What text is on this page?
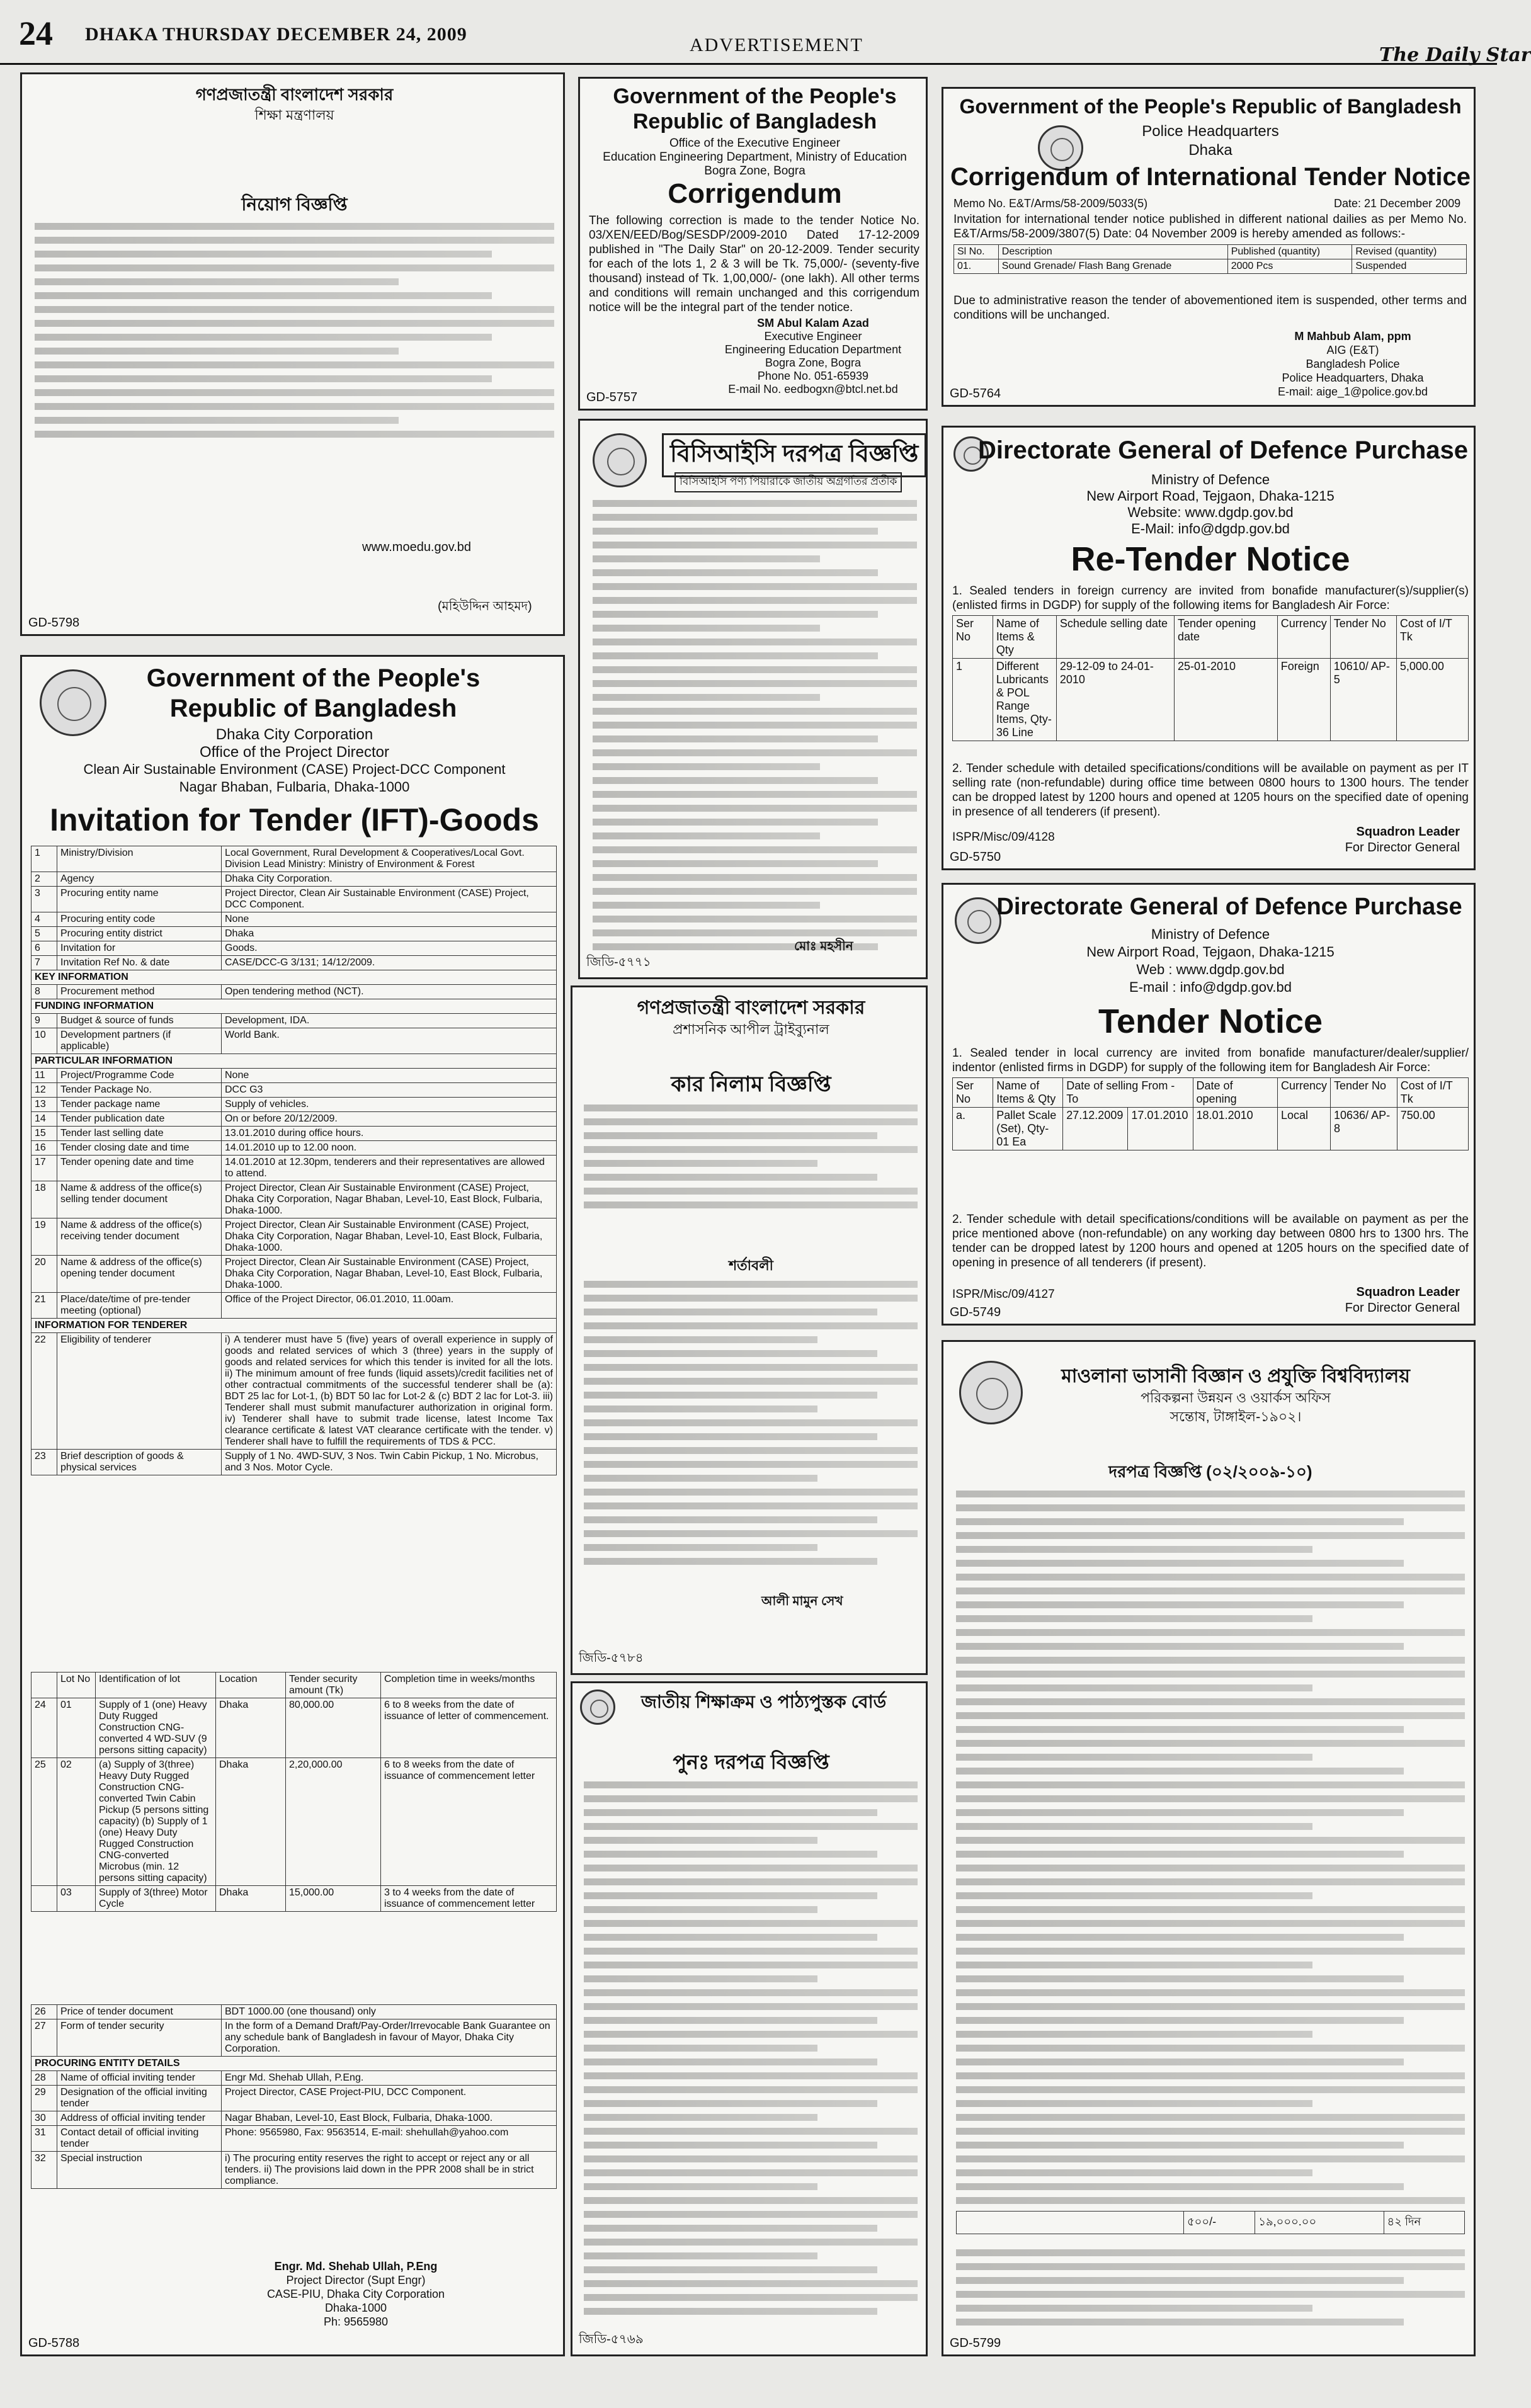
24 DHAKA THURSDAY DECEMBER 24, 2009
ADVERTISEMENT	The Daily Star
গণপ্রজাতন্ত্রী বাংলাদেশ সরকার
শিক্ষা মন্ত্রণালয়
নিয়োগ বিজ্ঞপ্তি
www.moedu.gov.bd
(মহিউদ্দিন আহমদ)
GD-5798
Government of the People's Republic of Bangladesh
Office of the Executive Engineer
Education Engineering Department, Ministry of Education
Bogra Zone, Bogra
Corrigendum
The following correction is made to the tender Notice No. 03/XEN/EED/Bog/SESDP/2009-2010 Dated 17-12-2009 published in "The Daily Star" on 20-12-2009. Tender security for each of the lots 1, 2 & 3 will be Tk. 75,000/- (seventy-five thousand) instead of Tk. 1,00,000/- (one lakh). All other terms and conditions will remain unchanged and this corrigendum notice will be the integral part of the tender notice.
SM Abul Kalam Azad
Executive Engineer
Engineering Education Department
Bogra Zone, Bogra
Phone No. 051-65939
E-mail No. eedbogxn@btcl.net.bd
GD-5757
Government of the People's Republic of Bangladesh
Police Headquarters
Dhaka
Corrigendum of International Tender Notice
Memo No. E&T/Arms/58-2009/5033(5)	Date: 21 December 2009
Invitation for international tender notice published in different national dailies as per Memo No. E&T/Arms/58-2009/3807(5) Date: 04 November 2009 is hereby amended as follows:-
Sl No.	Description	Published (quantity)	Revised (quantity)
01.	Sound Grenade/ Flash Bang Grenade	2000 Pcs	Suspended
Due to administrative reason the tender of abovementioned item is suspended, other terms and conditions will be unchanged.
M Mahbub Alam, ppm
AIG (E&T)
Bangladesh Police
Police Headquarters, Dhaka
E-mail: aige_1@police.gov.bd
GD-5764
বিসিআইসি দরপত্র বিজ্ঞপ্তি
বিসিআইসি পণ্য পিয়ারাকে জাতীয় অগ্রগতির প্রতীক
মোঃ মহসীন
জিডি-৫৭৭১
Directorate General of Defence Purchase
Ministry of Defence
New Airport Road, Tejgaon, Dhaka-1215
Website: www.dgdp.gov.bd
E-Mail: info@dgdp.gov.bd
Re-Tender Notice
1. Sealed tenders in foreign currency are invited from bonafide manufacturer(s)/supplier(s) (enlisted firms in DGDP) for supply of the following items for Bangladesh Air Force:
Ser No	Name of Items & Qty	Schedule selling date	Tender opening date	Currency	Tender No	Cost of I/T Tk
1	Different Lubricants & POL Range Items, Qty-36 Line	29-12-09 to 24-01-2010	25-01-2010	Foreign	10610/ AP-5	5,000.00
2. Tender schedule with detailed specifications/conditions will be available on payment as per IT selling rate (non-refundable) during office time between 0800 hours to 1300 hours. The tender can be dropped latest by 1200 hours and opened at 1205 hours on the specified date of opening in presence of all tenderers (if present).
ISPR/Misc/09/4128	Squadron Leader
For Director General
GD-5750
Directorate General of Defence Purchase
Ministry of Defence
New Airport Road, Tejgaon, Dhaka-1215
Web : www.dgdp.gov.bd
E-mail : info@dgdp.gov.bd
Tender Notice
1. Sealed tender in local currency are invited from bonafide manufacturer/dealer/supplier/ indentor (enlisted firms in DGDP) for supply of the following item for Bangladesh Air Force:
Ser No	Name of Items & Qty	Date of selling From - To		Date of opening	Currency	Tender No	Cost of I/T Tk
a.	Pallet Scale (Set), Qty-01 Ea	27.12.2009	17.01.2010	18.01.2010	Local	10636/ AP-8	750.00
2. Tender schedule with detail specifications/conditions will be available on payment as per the price mentioned above (non-refundable) on any working day between 0800 hrs to 1300 hrs. The tender can be dropped latest by 1200 hours and opened at 1205 hours on the specified date of opening in presence of all tenderers (if present).
ISPR/Misc/09/4127	Squadron Leader
For Director General
GD-5749
Government of the People's
Republic of Bangladesh
Dhaka City Corporation
Office of the Project Director
Clean Air Sustainable Environment (CASE) Project-DCC Component
Nagar Bhaban, Fulbaria, Dhaka-1000
Invitation for Tender (IFT)-Goods
1	Ministry/Division	Local Government, Rural Development & Cooperatives/Local Govt. Division Lead Ministry: Ministry of Environment & Forest
2	Agency	Dhaka City Corporation.
3	Procuring entity name	Project Director, Clean Air Sustainable Environment (CASE) Project, DCC Component.
4	Procuring entity code	None
5	Procuring entity district	Dhaka
6	Invitation for	Goods.
7	Invitation Ref No. & date	CASE/DCC-G 3/131; 14/12/2009.
KEY INFORMATION		
8	Procurement method	Open tendering method (NCT).
FUNDING INFORMATION		
9	Budget & source of funds	Development, IDA.
10	Development partners (if applicable)	World Bank.
PARTICULAR INFORMATION		
11	Project/Programme Code	None
12	Tender Package No.	DCC G3
13	Tender package name	Supply of vehicles.
14	Tender publication date	On or before 20/12/2009.
15	Tender last selling date	13.01.2010 during office hours.
16	Tender closing date and time	14.01.2010 up to 12.00 noon.
17	Tender opening date and time	14.01.2010 at 12.30pm, tenderers and their representatives are allowed to attend.
18	Name & address of the office(s) selling tender document	Project Director, Clean Air Sustainable Environment (CASE) Project, Dhaka City Corporation, Nagar Bhaban, Level-10, East Block, Fulbaria, Dhaka-1000.
19	Name & address of the office(s) receiving tender document	Project Director, Clean Air Sustainable Environment (CASE) Project, Dhaka City Corporation, Nagar Bhaban, Level-10, East Block, Fulbaria, Dhaka-1000.
20	Name & address of the office(s) opening tender document	Project Director, Clean Air Sustainable Environment (CASE) Project, Dhaka City Corporation, Nagar Bhaban, Level-10, East Block, Fulbaria, Dhaka-1000.
21	Place/date/time of pre-tender meeting (optional)	Office of the Project Director, 06.01.2010, 11.00am.
INFORMATION FOR TENDERER		
22	Eligibility of tenderer	i) A tenderer must have 5 (five) years of overall experience in supply of goods and related services of which 3 (three) years in the supply of goods and related services for which this tender is invited for all the lots. ii) The minimum amount of free funds (liquid assets)/credit facilities net of other contractual commitments of the successful tenderer shall be (a): BDT 25 lac for Lot-1, (b) BDT 50 lac for Lot-2 & (c) BDT 2 lac for Lot-3. iii) Tenderer shall must submit manufacturer authorization in original form. iv) Tenderer shall have to submit trade license, latest Income Tax clearance certificate & latest VAT clearance certificate with the tender. v) Tenderer shall have to fulfill the requirements of TDS & PCC.
23	Brief description of goods & physical services	Supply of 1 No. 4WD-SUV, 3 Nos. Twin Cabin Pickup, 1 No. Microbus, and 3 Nos. Motor Cycle.
	Lot No	Identification of lot	Location	Tender security amount (Tk)	Completion time in weeks/months
24	01	Supply of 1 (one) Heavy Duty Rugged Construction CNG-converted 4 WD-SUV (9 persons sitting capacity)	Dhaka	80,000.00	6 to 8 weeks from the date of issuance of letter of commencement.
25	02	(a) Supply of 3(three) Heavy Duty Rugged Construction CNG-converted Twin Cabin Pickup (5 persons sitting capacity) (b) Supply of 1 (one) Heavy Duty Rugged Construction CNG-converted Microbus (min. 12 persons sitting capacity)	Dhaka	2,20,000.00	6 to 8 weeks from the date of issuance of commencement letter
	03	Supply of 3(three) Motor Cycle	Dhaka	15,000.00	3 to 4 weeks from the date of issuance of commencement letter
26	Price of tender document	BDT 1000.00 (one thousand) only
27	Form of tender security	In the form of a Demand Draft/Pay-Order/Irrevocable Bank Guarantee on any schedule bank of Bangladesh in favour of Mayor, Dhaka City Corporation.
PROCURING ENTITY DETAILS		
28	Name of official inviting tender	Engr Md. Shehab Ullah, P.Eng.
29	Designation of the official inviting tender	Project Director, CASE Project-PIU, DCC Component.
30	Address of official inviting tender	Nagar Bhaban, Level-10, East Block, Fulbaria, Dhaka-1000.
31	Contact detail of official inviting tender	Phone: 9565980, Fax: 9563514, E-mail: shehullah@yahoo.com
32	Special instruction	i) The procuring entity reserves the right to accept or reject any or all tenders. ii) The provisions laid down in the PPR 2008 shall be in strict compliance.
Engr. Md. Shehab Ullah, P.Eng
Project Director (Supt Engr)
CASE-PIU, Dhaka City Corporation
Dhaka-1000
Ph: 9565980
GD-5788
গণপ্রজাতন্ত্রী বাংলাদেশ সরকার
প্রশাসনিক আপীল ট্রাইব্যুনাল
কার নিলাম বিজ্ঞপ্তি
শর্তাবলী
আলী মামুন সেখ
জিডি-৫৭৮৪
জাতীয় শিক্ষাক্রম ও পাঠ্যপুস্তক বোর্ড
পুনঃ দরপত্র বিজ্ঞপ্তি
জিডি-৫৭৬৯
মাওলানা ভাসানী বিজ্ঞান ও প্রযুক্তি বিশ্ববিদ্যালয়
পরিকল্পনা উন্নয়ন ও ওয়ার্কস অফিস
সন্তোষ, টাঙ্গাইল-১৯০২।
দরপত্র বিজ্ঞপ্তি (০২/২০০৯-১০)
	৫০০/-	১৯,০০০.০০	৪২ দিন
GD-5799
